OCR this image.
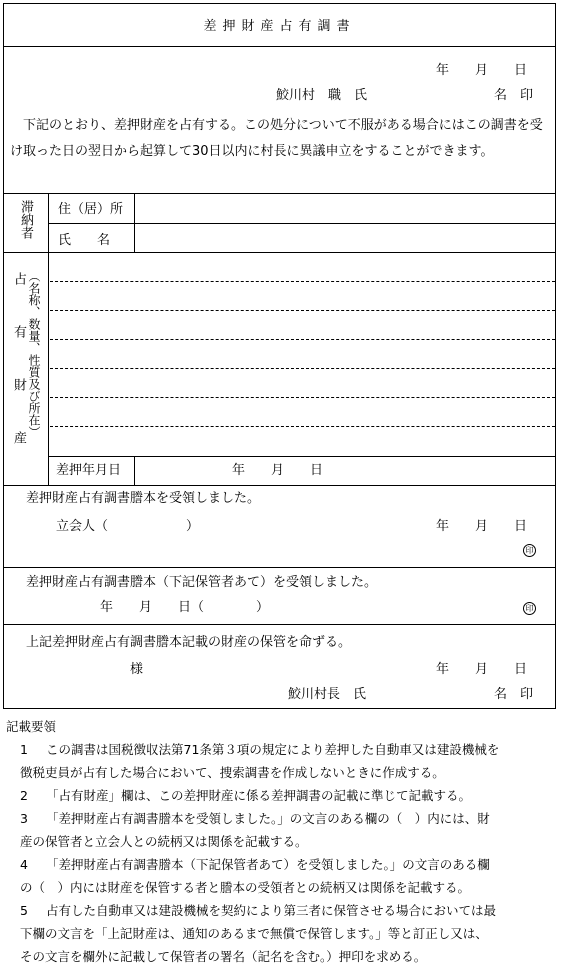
差押財産占有調書
年　　月　　日
鮫川村　職　氏	名　印
下記のとおり、差押財産を占有する。この処分について不服がある場合にはこの調書を受け取った日の翌日から起算して30日以内に村長に異議申立をすることができます。
滞納者 住（居）所
氏　　名
占有財産 （名称、数量、性質及び所在）
差押年月日	年　　月　　日
差押財産占有調書謄本を受領しました。
立会人（　　　　　　）	年　　月　　日
印
差押財産占有調書謄本（下記保管者あて）を受領しました。
年　　月　　日（　　　　）	印
上記差押財産占有調書謄本記載の財産の保管を命ずる。
様	年　　月　　日
鮫川村長　氏	名　印
記載要領
1 この調書は国税徴収法第71条第３項の規定により差押した自動車又は建設機械を
徴税吏員が占有した場合において、捜索調書を作成しないときに作成する。
2 「占有財産」欄は、この差押財産に係る差押調書の記載に準じて記載する。
3 「差押財産占有調書謄本を受領しました。」の文言のある欄の（　）内には、財
産の保管者と立会人との続柄又は関係を記載する。
4 「差押財産占有調書謄本（下記保管者あて）を受領しました。」の文言のある欄
の（　）内には財産を保管する者と謄本の受領者との続柄又は関係を記載する。
5 占有した自動車又は建設機械を契約により第三者に保管させる場合においては最
下欄の文言を「上記財産は、通知のあるまで無償で保管します。」等と訂正し又は、
その文言を欄外に記載して保管者の署名（記名を含む。）押印を求める。
